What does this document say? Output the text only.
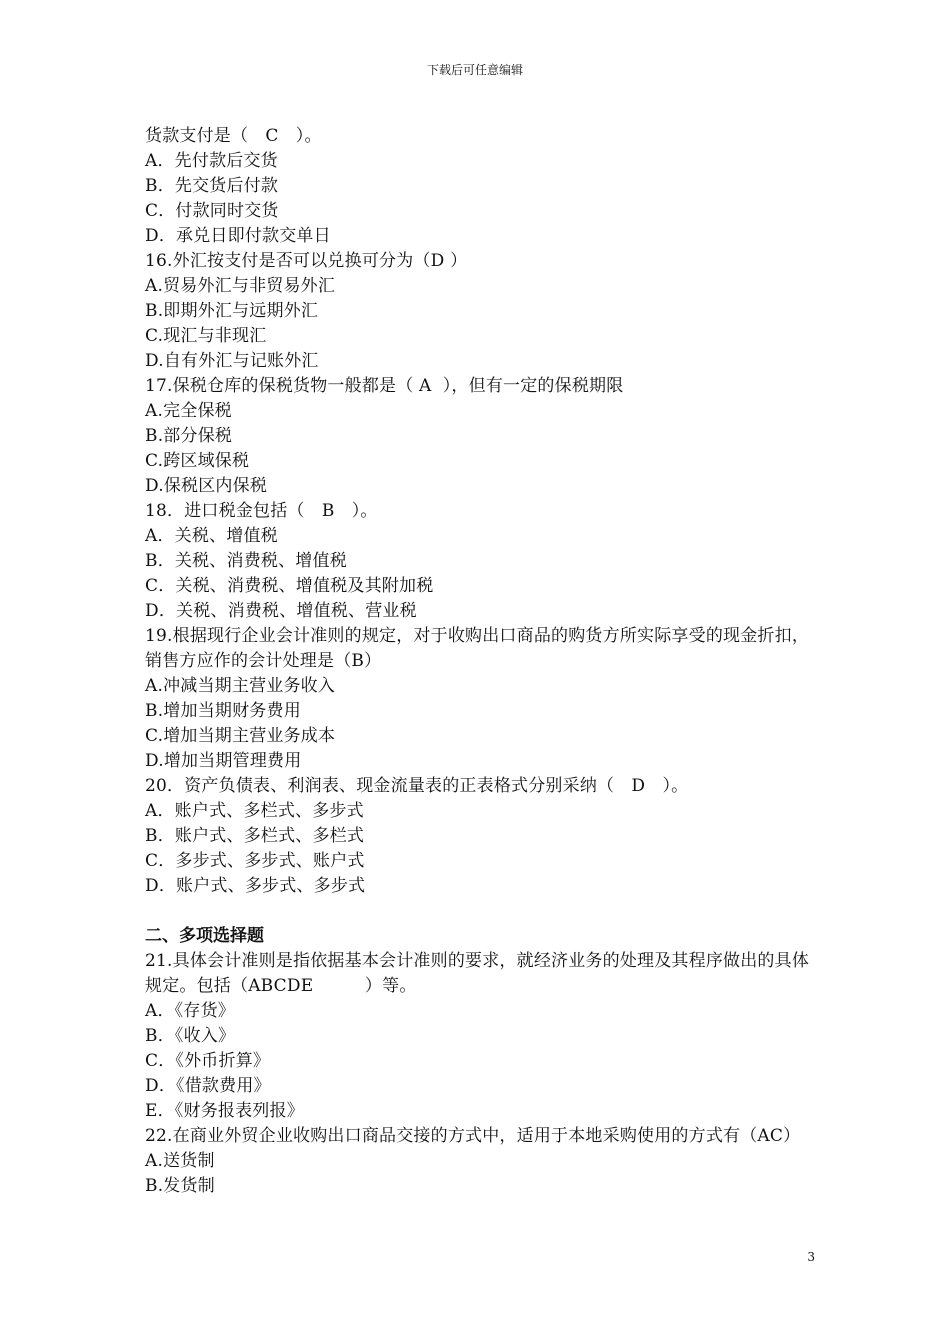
下载后可任意编辑
货款支付是（　C　）。
A．先付款后交货
B．先交货后付款
C．付款同时交货
D．承兑日即付款交单日
16.外汇按支付是否可以兑换可分为（D ）
A.贸易外汇与非贸易外汇
B.即期外汇与远期外汇
C.现汇与非现汇
D.自有外汇与记账外汇
17.保税仓库的保税货物一般都是（ A  ），但有一定的保税期限
A.完全保税
B.部分保税
C.跨区域保税
D.保税区内保税
18．进口税金包括（　B　）。
A．关税、增值税
B．关税、消费税、增值税
C．关税、消费税、增值税及其附加税
D．关税、消费税、增值税、营业税
19.根据现行企业会计准则的规定，对于收购出口商品的购货方所实际享受的现金折扣，销售方应作的会计处理是（B）
A.冲减当期主营业务收入
B.增加当期财务费用
C.增加当期主营业务成本
D.增加当期管理费用
20．资产负债表、利润表、现金流量表的正表格式分别采纳（　D　）。
A．账户式、多栏式、多步式
B．账户式、多栏式、多栏式
C．多步式、多步式、账户式
D．账户式、多步式、多步式
二、多项选择题
21.具体会计准则是指依据基本会计准则的要求，就经济业务的处理及其程序做出的具体规定。包括（ABCDE　　　）等。
A．《存货》
B．《收入》
C．《外币折算》
D．《借款费用》
E．《财务报表列报》
22.在商业外贸企业收购出口商品交接的方式中，适用于本地采购使用的方式有（AC）
A.送货制
B.发货制
3
